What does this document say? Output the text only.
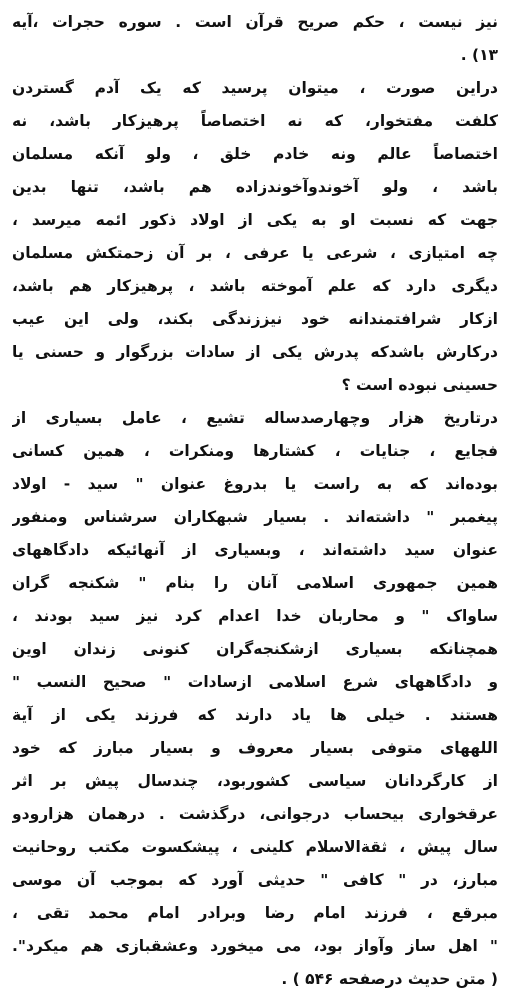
نیز نیست ، حکم صریح قرآن است . سوره حجرات ،آیه
۱۳) .
دراین صورت ، میتوان پرسید که یک آدم گستردن
کلفت مفتخوار، که نه اختصاصاً پرهیزکار باشد، نه
اختصاصاً عالم ونه خادم خلق ، ولو آنکه مسلمان
باشد ، ولو آخوندوآخوندزاده هم باشد، تنها بدین
جهت که نسبت او به یکی از اولاد ذکور ائمه میرسد ،
چه امتیازی ، شرعی یا عرفی ، بر آن زحمتکش مسلمان
دیگری دارد که علم آموخته باشد ، پرهیزکار هم باشد،
ازکار شرافتمندانه خود نیززندگی بکند، ولی این عیب
درکارش باشدکه پدرش یکی از سادات بزرگوار و حسنی یا
حسینی نبوده است ؟
درتاریخ هزار وچهارصدساله تشیع ، عامل بسیاری از
فجایع ، جنایات ، کشتارها ومنکرات ، همین کسانی
بوده‌اند که به راست یا بدروغ عنوان " سید - اولاد
پیغمبر " داشته‌اند . بسیار شبهکاران سرشناس ومنفور
عنوان سید داشته‌اند ، وبسیاری از آنهائیکه دادگاههای
همین جمهوری اسلامی آنان را بنام " شکنجه گران
ساواک " و محاربان خدا اعدام کرد نیز سید بودند ،
همچنانکه بسیاری ازشکنجه‌گران کنونی زندان اوین
و دادگاههای شرع اسلامی ازسادات " صحیح النسب "
هستند . خیلی ها یاد دارند که فرزند یکی از آیة
اللههای متوفی بسیار معروف و بسیار مبارز که خود
از کارگردانان سیاسی کشوربود، چندسال پیش بر اثر
عرقخواری بیحساب درجوانی، درگذشت . درهمان هزارودو
سال پیش ، ثقةالاسلام کلینی ، پیشکسوت مکتب روحانیت
مبارز، در " کافی " حدیثی آورد که بموجب آن موسی
مبرقع ، فرزند امام رضا وبرادر امام محمد تقی ،
" اهل ساز وآواز بود، می میخورد وعشقبازی هم میکرد".
( متن حدیث درصفحه ۵۴۶ ) .
